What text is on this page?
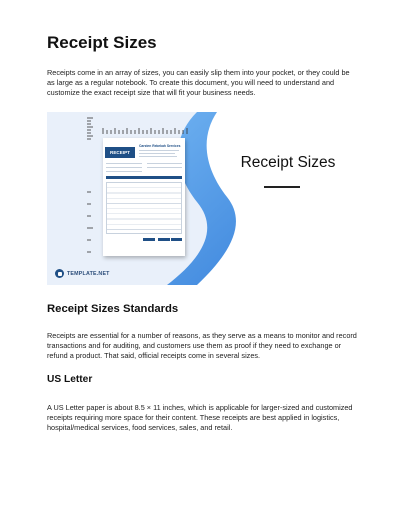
Receipt Sizes

Receipts come in an array of sizes, you can easily slip them into your pocket, or they could be as large as a regular notebook. To create this document, you will need to understand and customize the exact receipt size that will fit your business needs.

RECEIPT
Carsten Rebekah Services
Receipt Sizes
TEMPLATE.NET
Receipt Sizes Standards

Receipts are essential for a number of reasons, as they serve as a means to monitor and record transactions and for auditing, and customers use them as proof if they need to exchange or refund a product. That said, official receipts come in several sizes.

US Letter

A US Letter paper is about 8.5 × 11 inches, which is applicable for larger-sized and customized receipts requiring more space for their content. These receipts are best applied in logistics, hospital/medical services, food services, sales, and retail.
